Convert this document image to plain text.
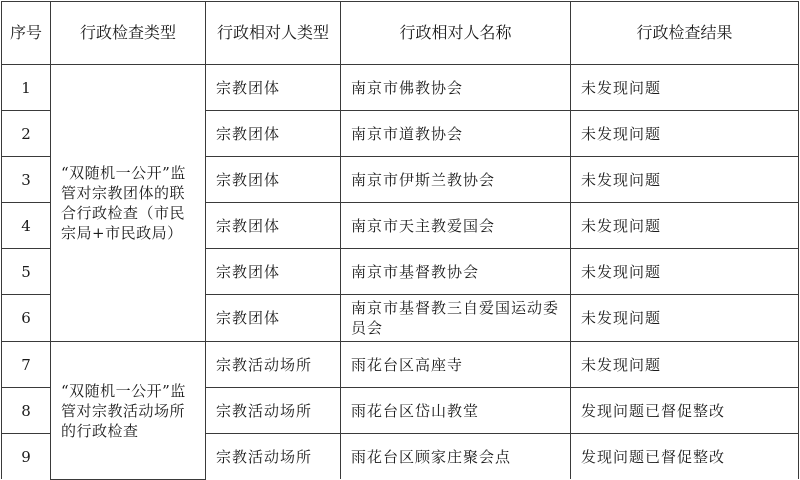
序号	行政检查类型	行政相对人类型	行政相对人名称	行政检查结果
1	“双随机一公开”监管对宗教团体的联合行政检查（市民宗局+市民政局）	宗教团体	南京市佛教协会	未发现问题
2		宗教团体	南京市道教协会	未发现问题
3		宗教团体	南京市伊斯兰教协会	未发现问题
4		宗教团体	南京市天主教爱国会	未发现问题
5		宗教团体	南京市基督教协会	未发现问题
6		宗教团体	南京市基督教三自爱国运动委员会	未发现问题
7	“双随机一公开”监管对宗教活动场所的行政检查	宗教活动场所	雨花台区高座寺	未发现问题
8		宗教活动场所	雨花台区岱山教堂	发现问题已督促整改
9		宗教活动场所	雨花台区顾家庄聚会点	发现问题已督促整改
